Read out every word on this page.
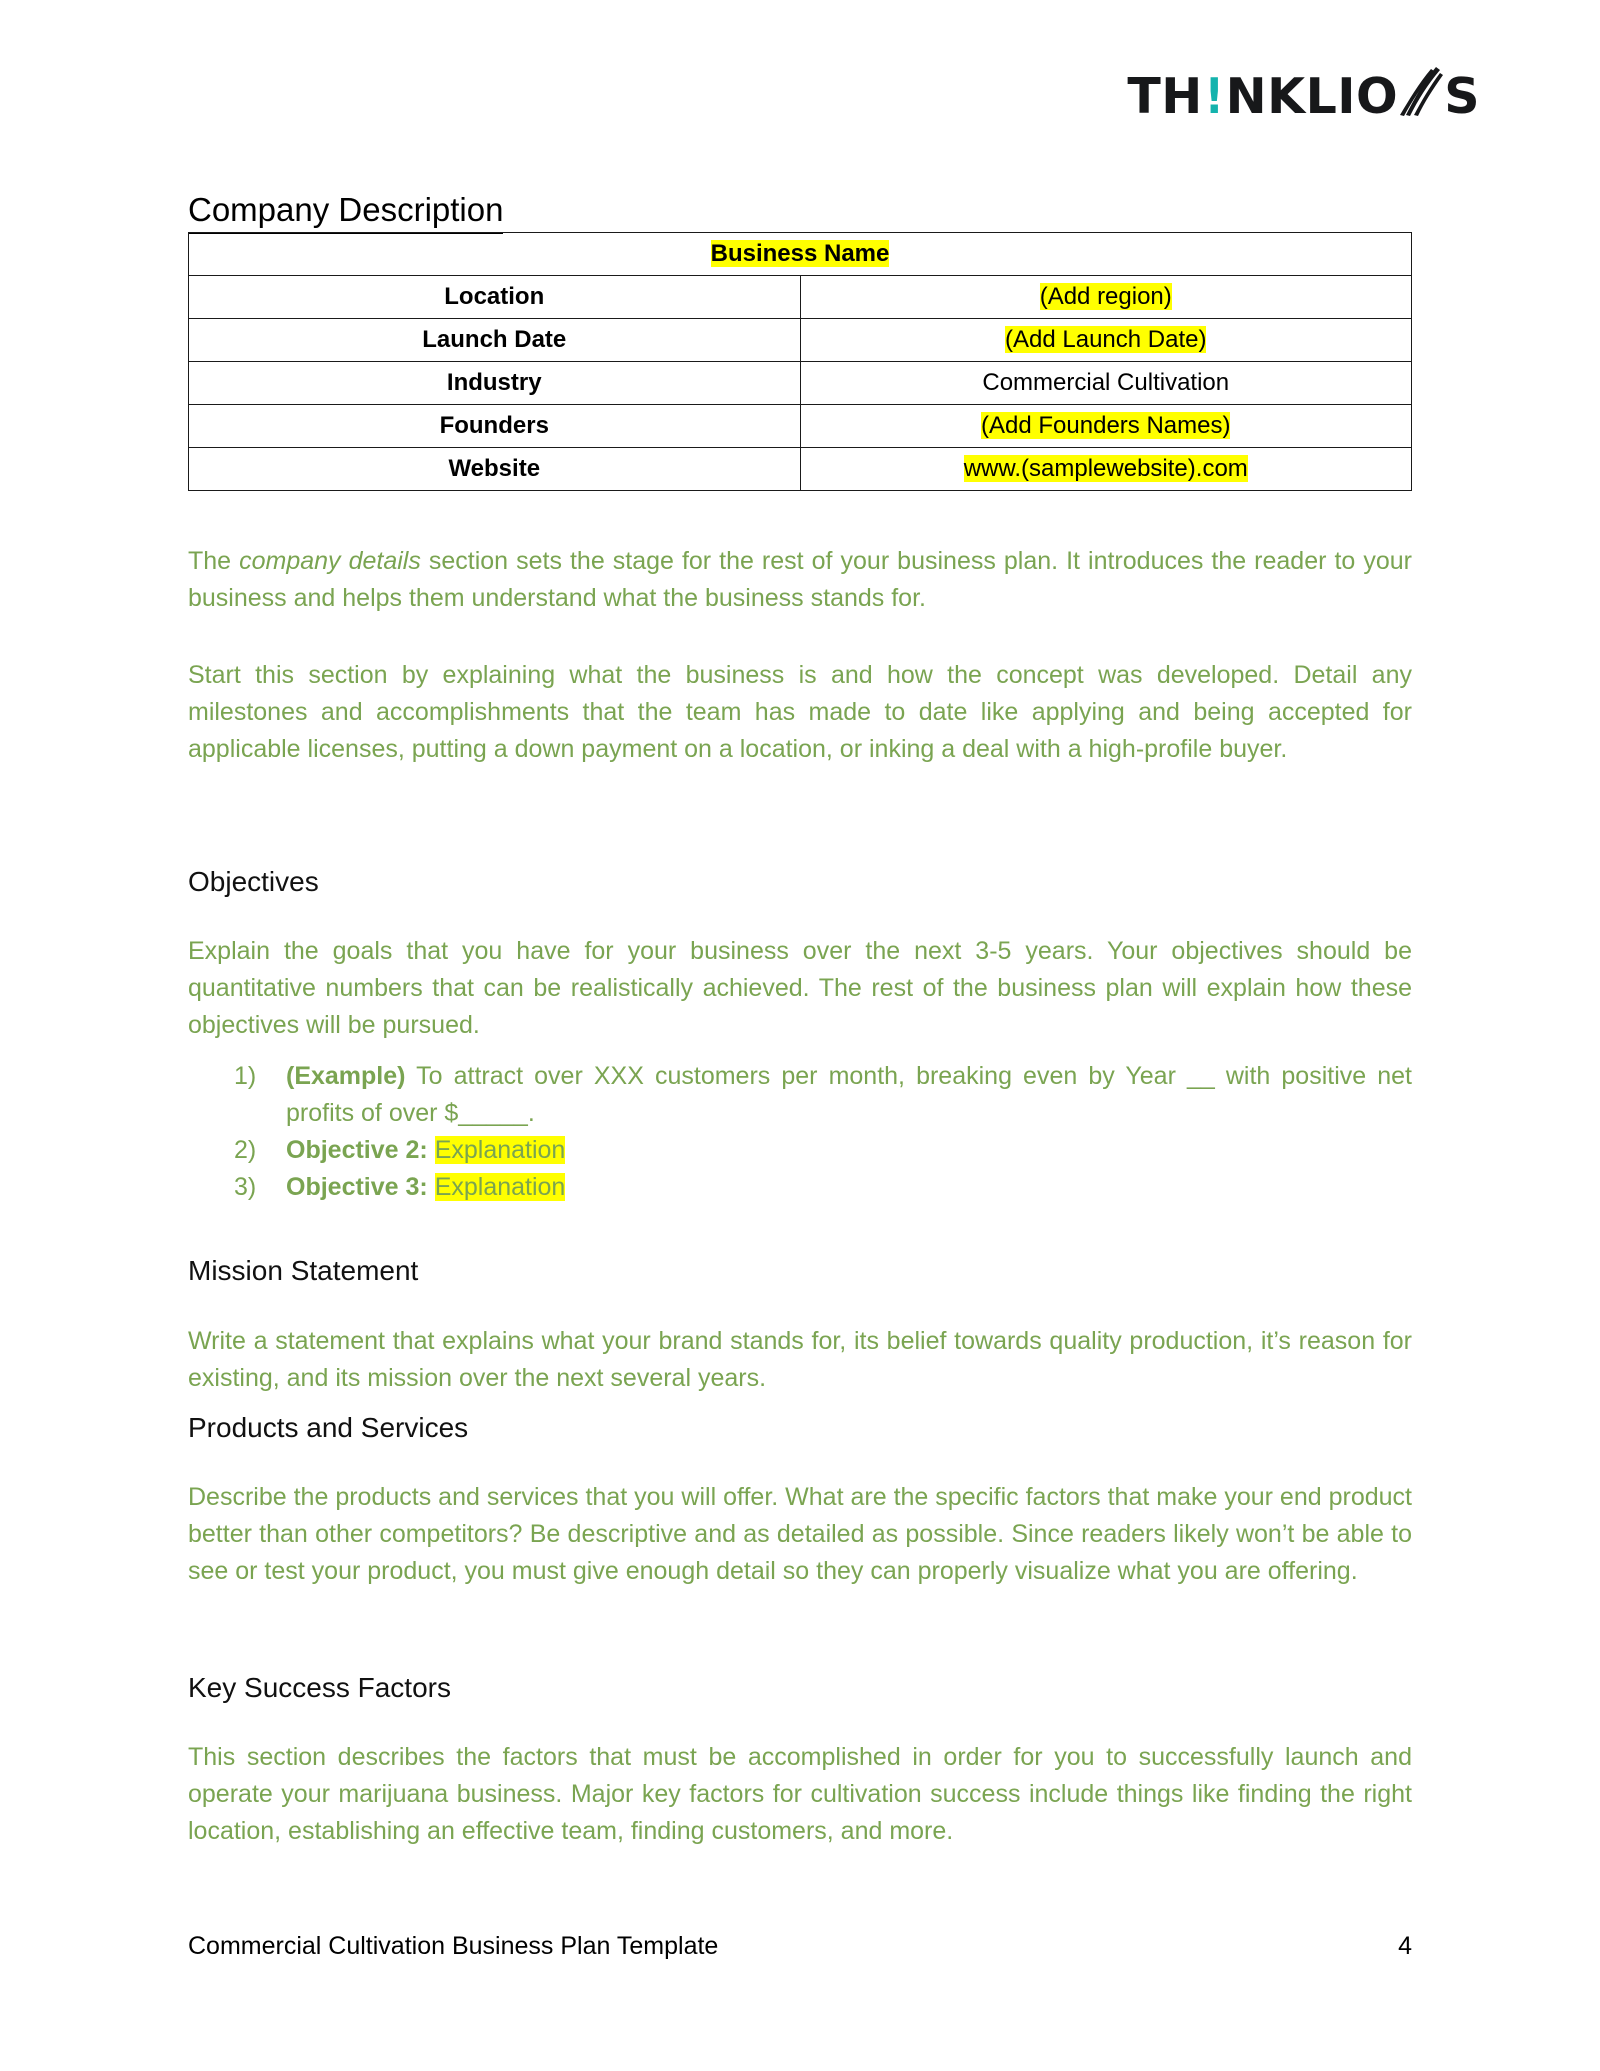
TH ! NKLIO S
Company Description
Business Name	
Location	(Add region)
Launch Date	(Add Launch Date)
Industry	Commercial Cultivation
Founders	(Add Founders Names)
Website	www.(samplewebsite).com

The company details section sets the stage for the rest of your business plan. It introduces the reader to your business and helps them understand what the business stands for.

Start this section by explaining what the business is and how the concept was developed. Detail any milestones and accomplishments that the team has made to date like applying and being accepted for applicable licenses, putting a down payment on a location, or inking a deal with a high-profile buyer.

Objectives

Explain the goals that you have for your business over the next 3-5 years. Your objectives should be quantitative numbers that can be realistically achieved. The rest of the business plan will explain how these objectives will be pursued.

1)	(Example) To attract over XXX customers per month, breaking even by Year __ with positive net profits of over $_____.
2)	Objective 2: Explanation
3)	Objective 3: Explanation
Mission Statement

Write a statement that explains what your brand stands for, its belief towards quality production, it’s reason for existing, and its mission over the next several years.

Products and Services

Describe the products and services that you will offer. What are the specific factors that make your end product better than other competitors? Be descriptive and as detailed as possible. Since readers likely won’t be able to see or test your product, you must give enough detail so they can properly visualize what you are offering.

Key Success Factors

This section describes the factors that must be accomplished in order for you to successfully launch and operate your marijuana business. Major key factors for cultivation success include things like finding the right location, establishing an effective team, finding customers, and more.

Commercial Cultivation Business Plan Template	4
